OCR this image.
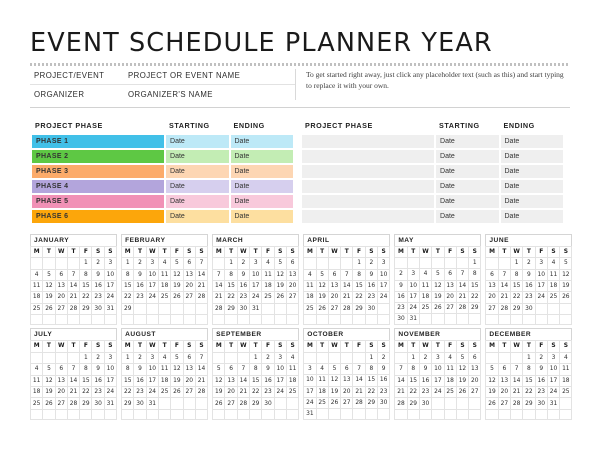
EVENT SCHEDULE PLANNER YEAR
PROJECT/EVENT	PROJECT OR EVENT NAME
ORGANIZER	ORGANIZER'S NAME
To get started right away, just click any placeholder text (such as this) and start typing to replace it with your own.
PROJECT PHASE	STARTING	ENDING
PHASE 1	Date	Date
PHASE 2	Date	Date
PHASE 3	Date	Date
PHASE 4	Date	Date
PHASE 5	Date	Date
PHASE 6	Date	Date
PROJECT PHASE	STARTING	ENDING
	Date	Date
	Date	Date
	Date	Date
	Date	Date
	Date	Date
	Date	Date
JANUARY
M	T	W	T	F	S	S
				1	2	3
4	5	6	7	8	9	10
11	12	13	14	15	16	17
18	19	20	21	22	23	24
25	26	27	28	29	30	31

FEBRUARY
M	T	W	T	F	S	S
1	2	3	4	5	6	7
8	9	10	11	12	13	14
15	16	17	18	19	20	21
22	23	24	25	26	27	28
29						

MARCH
M	T	W	T	F	S	S
	1	2	3	4	5	6
7	8	9	10	11	12	13
14	15	16	17	18	19	20
21	22	23	24	25	26	27
28	29	30	31			

APRIL
M	T	W	T	F	S	S
				1	2	3
4	5	6	7	8	9	10
11	12	13	14	15	16	17
18	19	20	21	22	23	24
25	26	27	28	29	30	

MAY
M	T	W	T	F	S	S
						1
2	3	4	5	6	7	8
9	10	11	12	13	14	15
16	17	18	19	20	21	22
23	24	25	26	27	28	29
30	31					
JUNE
M	T	W	T	F	S	S
		1	2	3	4	5
6	7	8	9	10	11	12
13	14	15	16	17	18	19
20	21	22	23	24	25	26
27	28	29	30			

JULY
M	T	W	T	F	S	S
				1	2	3
4	5	6	7	8	9	10
11	12	13	14	15	16	17
18	19	20	21	22	23	24
25	26	27	28	29	30	31

AUGUST
M	T	W	T	F	S	S
1	2	3	4	5	6	7
8	9	10	11	12	13	14
15	16	17	18	19	20	21
22	23	24	25	26	27	28
29	30	31				

SEPTEMBER
M	T	W	T	F	S	S
			1	2	3	4
5	6	7	8	9	10	11
12	13	14	15	16	17	18
19	20	21	22	23	24	25
26	27	28	29	30		

OCTOBER
M	T	W	T	F	S	S
					1	2
3	4	5	6	7	8	9
10	11	12	13	14	15	16
17	18	19	20	21	22	23
24	25	26	27	28	29	30
31						
NOVEMBER
M	T	W	T	F	S	S
	1	2	3	4	5	6
7	8	9	10	11	12	13
14	15	16	17	18	19	20
21	22	23	24	25	26	27
28	29	30				

DECEMBER
M	T	W	T	F	S	S
			1	2	3	4
5	6	7	8	9	10	11
12	13	14	15	16	17	18
19	20	21	22	23	24	25
26	27	28	29	30	31	
